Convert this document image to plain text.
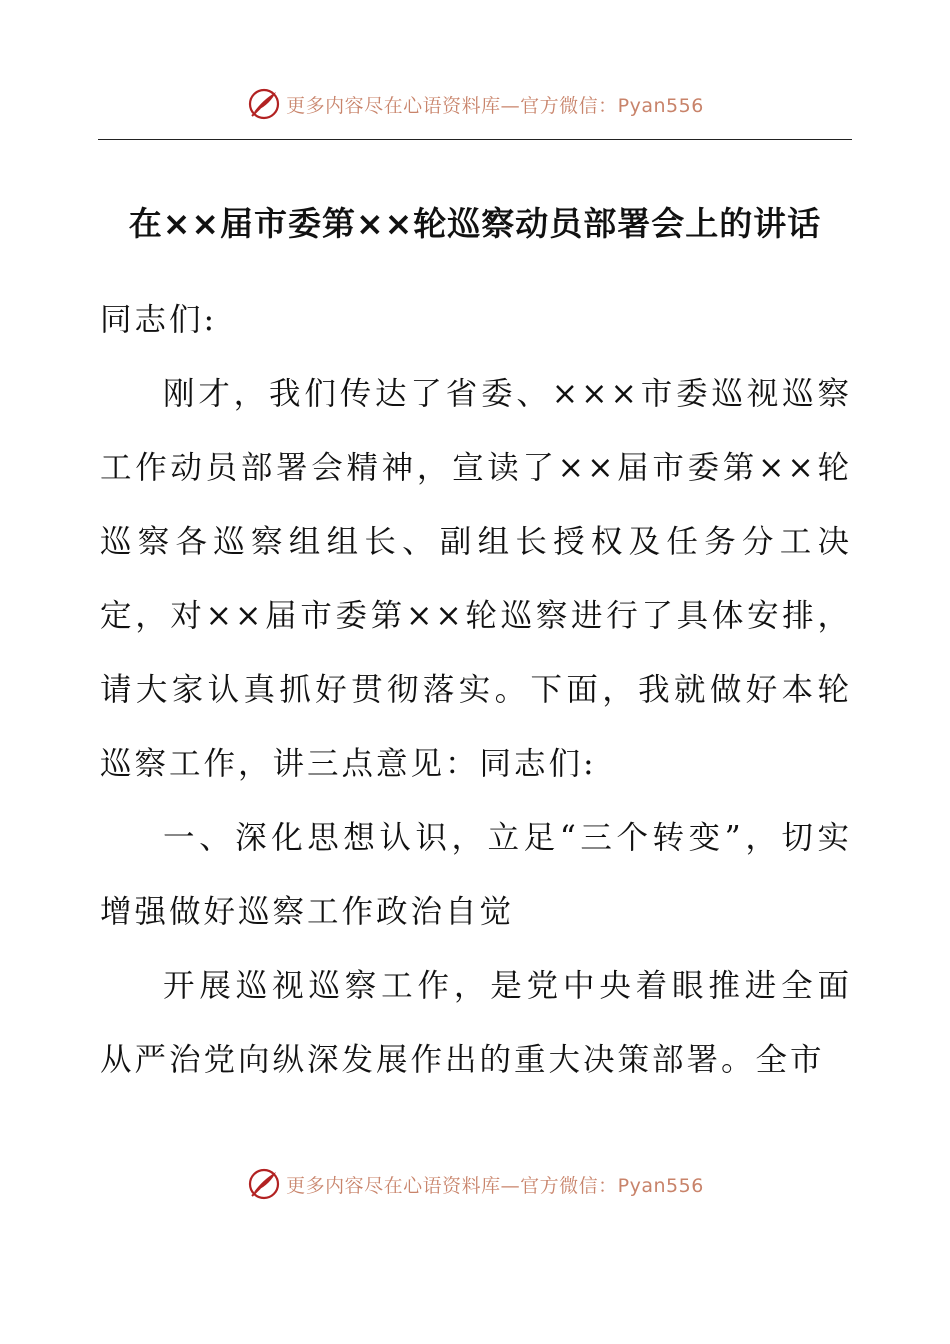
更多内容尽在心语资料库—官方微信：Pyan556
在××届市委第××轮巡察动员部署会上的讲话

同志们:

刚才，我们传达了省委、×××市委巡视巡察工作动员部署会精神，宣读了××届市委第××轮巡察各巡察组组长、副组长授权及任务分工决定，对××届市委第××轮巡察进行了具体安排，请大家认真抓好贯彻落实。下面，我就做好本轮巡察工作，讲三点意见：同志们:

一、深化思想认识，立足“三个转变”，切实增强做好巡察工作政治自觉

开展巡视巡察工作，是党中央着眼推进全面从严治党向纵深发展作出的重大决策部署。全市

更多内容尽在心语资料库—官方微信：Pyan556
